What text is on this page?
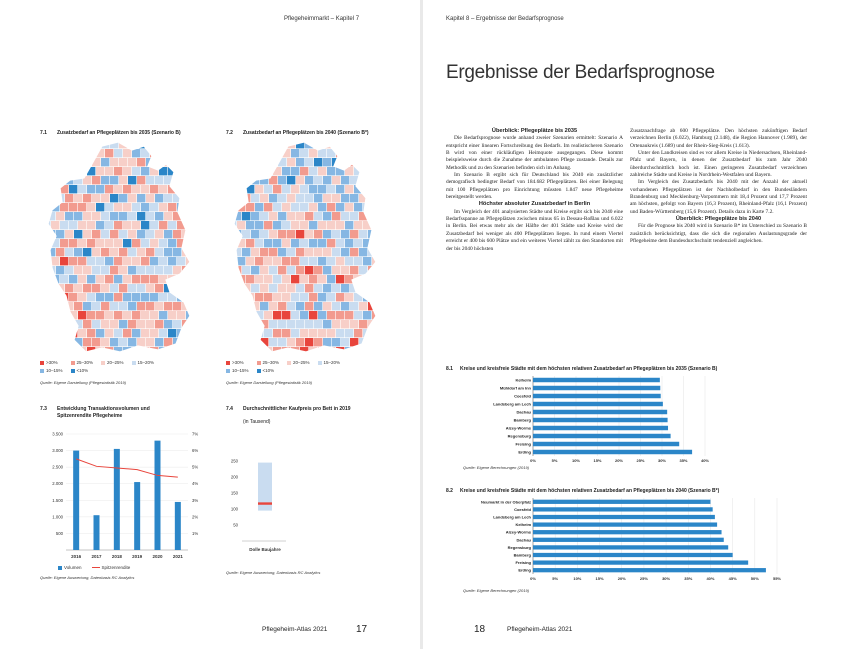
Pflegeheimmarkt – Kapitel 7
7.1 Zusatzbedarf an Pflegeplätzen bis 2035 (Szenario B)	7.2 Zusatzbedarf an Pflegeplätzen bis 2040 (Szenario B*)
>30%	25–30%	20–25%	15–20%
10–15%	<10%
>30%	25–30%	20–25%	15–20%
10–15%	<10%
Quelle: Eigene Darstellung (Pflegestatistik 2019)	Quelle: Eigene Darstellung (Pflegestatistik 2019)
7.3 Entwicklung Transaktionsvolumen und Spitzenrendite Pflegeheime
500
1.000
1.500
2.000
2.500
3.000
3.500
1%
2%
3%
4%
5%
6%
7%
2016 2017 2018 2019 2020 2021
Volumen	Spitzenrendite
Quelle: Eigene Auswertung, Datenbasis RC Analytics
7.4 Durchschnittlicher Kaufpreis pro Bett in 2019
(in Tausend)
50
100
150
200
250
Dolle Baujahre
Quelle: Eigene Auswertung, Datenbasis RC Analytics
Pflegeheim-Atlas 2021	17
Kapitel 8 – Ergebnisse der Bedarfsprognose
Ergebnisse der Bedarfsprognose
Überblick: Pflegeplätze bis 2035

Die Bedarfsprognose wurde anhand zweier Szenarien ermittelt: Szenario A entspricht einer linearen Fortschreibung des Bedarfs. Im realistischeren Szenario B wird von einer rückläufigen Heimquote ausgegangen. Diese kommt beispielsweise durch die Zunahme der ambulanten Pflege zustande. Details zur Methodik und zu den Szenarien befinden sich im Anhang.

Im Szenario B ergibt sich für Deutschland bis 2040 ein zusätzlicher demografisch bedingter Bedarf von 184.682 Pflegeplätzen. Bei einer Belegung mit 100 Pflegeplätzen pro Einrichtung müssten 1.847 neue Pflegeheime bereitgestellt werden.

Höchster absoluter Zusatzbedarf in Berlin

Im Vergleich der 401 analysierten Städte und Kreise ergibt sich bis 2040 eine Bedarfsspanne an Pflegeplätzen zwischen minus 65 in Dessau-Roßlau und 6.022 in Berlin. Bei etwas mehr als der Hälfte der 401 Städte und Kreise wird der Zusatzbedarf bei weniger als 400 Pflegeplätzen liegen. In rund einem Viertel erreicht er 400 bis 600 Plätze und ein weiteres Viertel zählt zu den Standorten mit der bis 2040 höchsten

Zusatznachfrage ab 600 Pflegeplätze. Den höchsten zukünftigen Bedarf verzeichnen Berlin (6.022), Hamburg (2.148), die Region Hannover (1.989), der Ortenaukreis (1.689) und der Rhein-Sieg-Kreis (1.613).

Unter den Landkreisen sind es vor allem Kreise in Niedersachsen, Rheinland-Pfalz und Bayern, in denen der Zusatzbedarf bis zum Jahr 2040 überdurchschnittlich hoch ist. Einen geringeren Zusatzbedarf verzeichnen zahlreiche Städte und Kreise in Nordrhein-Westfalen und Bayern.

Im Vergleich des Zusatzbedarfs bis 2040 mit der Anzahl der aktuell vorhandenen Pflegeplätzen ist der Nachholbedarf in den Bundesländern Brandenburg und Mecklenburg-Vorpommern mit 18,4 Prozent und 17,7 Prozent am höchsten, gefolgt von Bayern (16,3 Prozent), Rheinland-Pfalz (16,1 Prozent) und Baden-Württemberg (15,6 Prozent). Details dazu in Karte 7.2.

Überblick: Pflegeplätze bis 2040

Für die Prognose bis 2040 wird in Szenario B* im Unterschied zu Szenario B zusätzlich berücksichtigt, dass die sich die regionalen Auslastungsgrade der Pflegeheime dem Bundesdurchschnitt tendenziell angleichen.

8.1 Kreise und kreisfreie Städte mit dem höchsten relativen Zusatzbedarf an Pflegeplätzen bis 2035 (Szenario B)
0%	5%	10%	15%	20%	25%	30%	35%	40%
Kelheim
Mühldorf am Inn
Coesfeld
Landsberg am Lech
Dachau
Bamberg
Alzey-Worms
Regensburg
Freising
Erding
Quelle: Eigene Berechnungen (2019)
8.2 Kreise und kreisfreie Städte mit dem höchsten relativen Zusatzbedarf an Pflegeplätzen bis 2040 (Szenario B*)
0%	5%	10%	15%	20%	25%	30%	35%	40%	45%	50%	55%
Neumarkt in der Oberpfalz
Coesfeld
Landsberg am Lech
Kelheim
Alzey-Worms
Dachau
Regensburg
Bamberg
Freising
Erding
Quelle: Eigene Berechnungen (2019)
18	Pflegeheim-Atlas 2021
